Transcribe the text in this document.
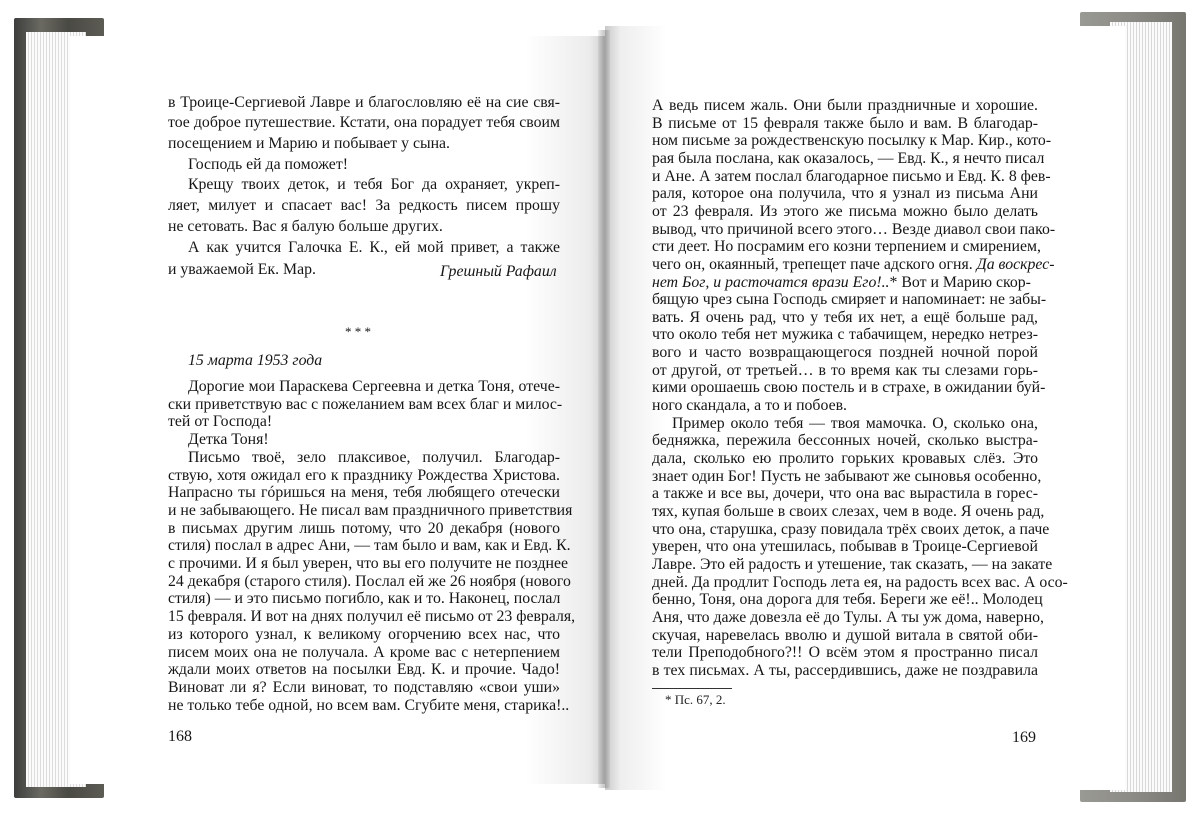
в Троице-Сергиевой Лавре и благословляю её на сие свя-
тое доброе путешествие. Кстати, она порадует тебя своим
посещением и Марию и побывает у сына.
Господь ей да поможет!
Крещу твоих деток, и тебя Бог да охраняет, укреп-
ляет, милует и спасает вас! За редкость писем прошу
не сетовать. Вас я балую больше других.
А как учится Галочка Е. К., ей мой привет, а также
и уважаемой Ек. Мар.	Грешный Рафаил
* * *
15 марта 1953 года
Дорогие мои Параскева Сергеевна и детка Тоня, отече-
ски приветствую вас с пожеланием вам всех благ и милос-
тей от Господа!
Детка Тоня!
Письмо твоё, зело плаксивое, получил. Благодар-
ствую, хотя ожидал его к празднику Рождества Христова.
Напрасно ты гóришься на меня, тебя любящего отечески
и не забывающего. Не писал вам праздничного приветствия
в письмах другим лишь потому, что 20 декабря (нового
стиля) послал в адрес Ани, — там было и вам, как и Евд. К.
с прочими. И я был уверен, что вы его получите не позднее
24 декабря (старого стиля). Послал ей же 26 ноября (нового
стиля) — и это письмо погибло, как и то. Наконец, послал
15 февраля. И вот на днях получил её письмо от 23 февраля,
из которого узнал, к великому огорчению всех нас, что
писем моих она не получала. А кроме вас с нетерпением
ждали моих ответов на посылки Евд. К. и прочие. Чадо!
Виноват ли я? Если виноват, то подставляю «свои уши»
не только тебе одной, но всем вам. Сгубите меня, старика!..
168
А ведь писем жаль. Они были праздничные и хорошие.
В письме от 15 февраля также было и вам. В благодар-
ном письме за рождественскую посылку к Мар. Кир., кото-
рая была послана, как оказалось, — Евд. К., я нечто писал
и Ане. А затем послал благодарное письмо и Евд. К. 8 фев-
раля, которое она получила, что я узнал из письма Ани
от 23 февраля. Из этого же письма можно было делать
вывод, что причиной всего этого… Везде диавол свои пако-
сти деет. Но посрамим его козни терпением и смирением,
чего он, окаянный, трепещет паче адского огня. Да воскрес-
нет Бог, и расточатся врази Его!..* Вот и Марию скор-
бящую чрез сына Господь смиряет и напоминает: не забы-
вать. Я очень рад, что у тебя их нет, а ещё больше рад,
что около тебя нет мужика с табачищем, нередко нетрез-
вого и часто возвращающегося поздней ночной порой
от другой, от третьей… в то время как ты слезами горь-
кими орошаешь свою постель и в страхе, в ожидании буй-
ного скандала, а то и побоев.
Пример около тебя — твоя мамочка. О, сколько она,
бедняжка, пережила бессонных ночей, сколько выстра-
дала, сколько ею пролито горьких кровавых слёз. Это
знает один Бог! Пусть не забывают же сыновья особенно,
а также и все вы, дочери, что она вас вырастила в горес-
тях, купая больше в своих слезах, чем в воде. Я очень рад,
что она, старушка, сразу повидала трёх своих деток, а паче
уверен, что она утешилась, побывав в Троице-Сергиевой
Лавре. Это ей радость и утешение, так сказать, — на закате
дней. Да продлит Господь лета ея, на радость всех вас. А осо-
бенно, Тоня, она дорога для тебя. Береги же её!.. Молодец
Аня, что даже довезла её до Тулы. А ты уж дома, наверно,
скучая, наревелась вволю и душой витала в святой оби-
тели Преподобного?!! О всём этом я пространно писал
в тех письмах. А ты, рассердившись, даже не поздравила
169
* Пс. 67, 2.
